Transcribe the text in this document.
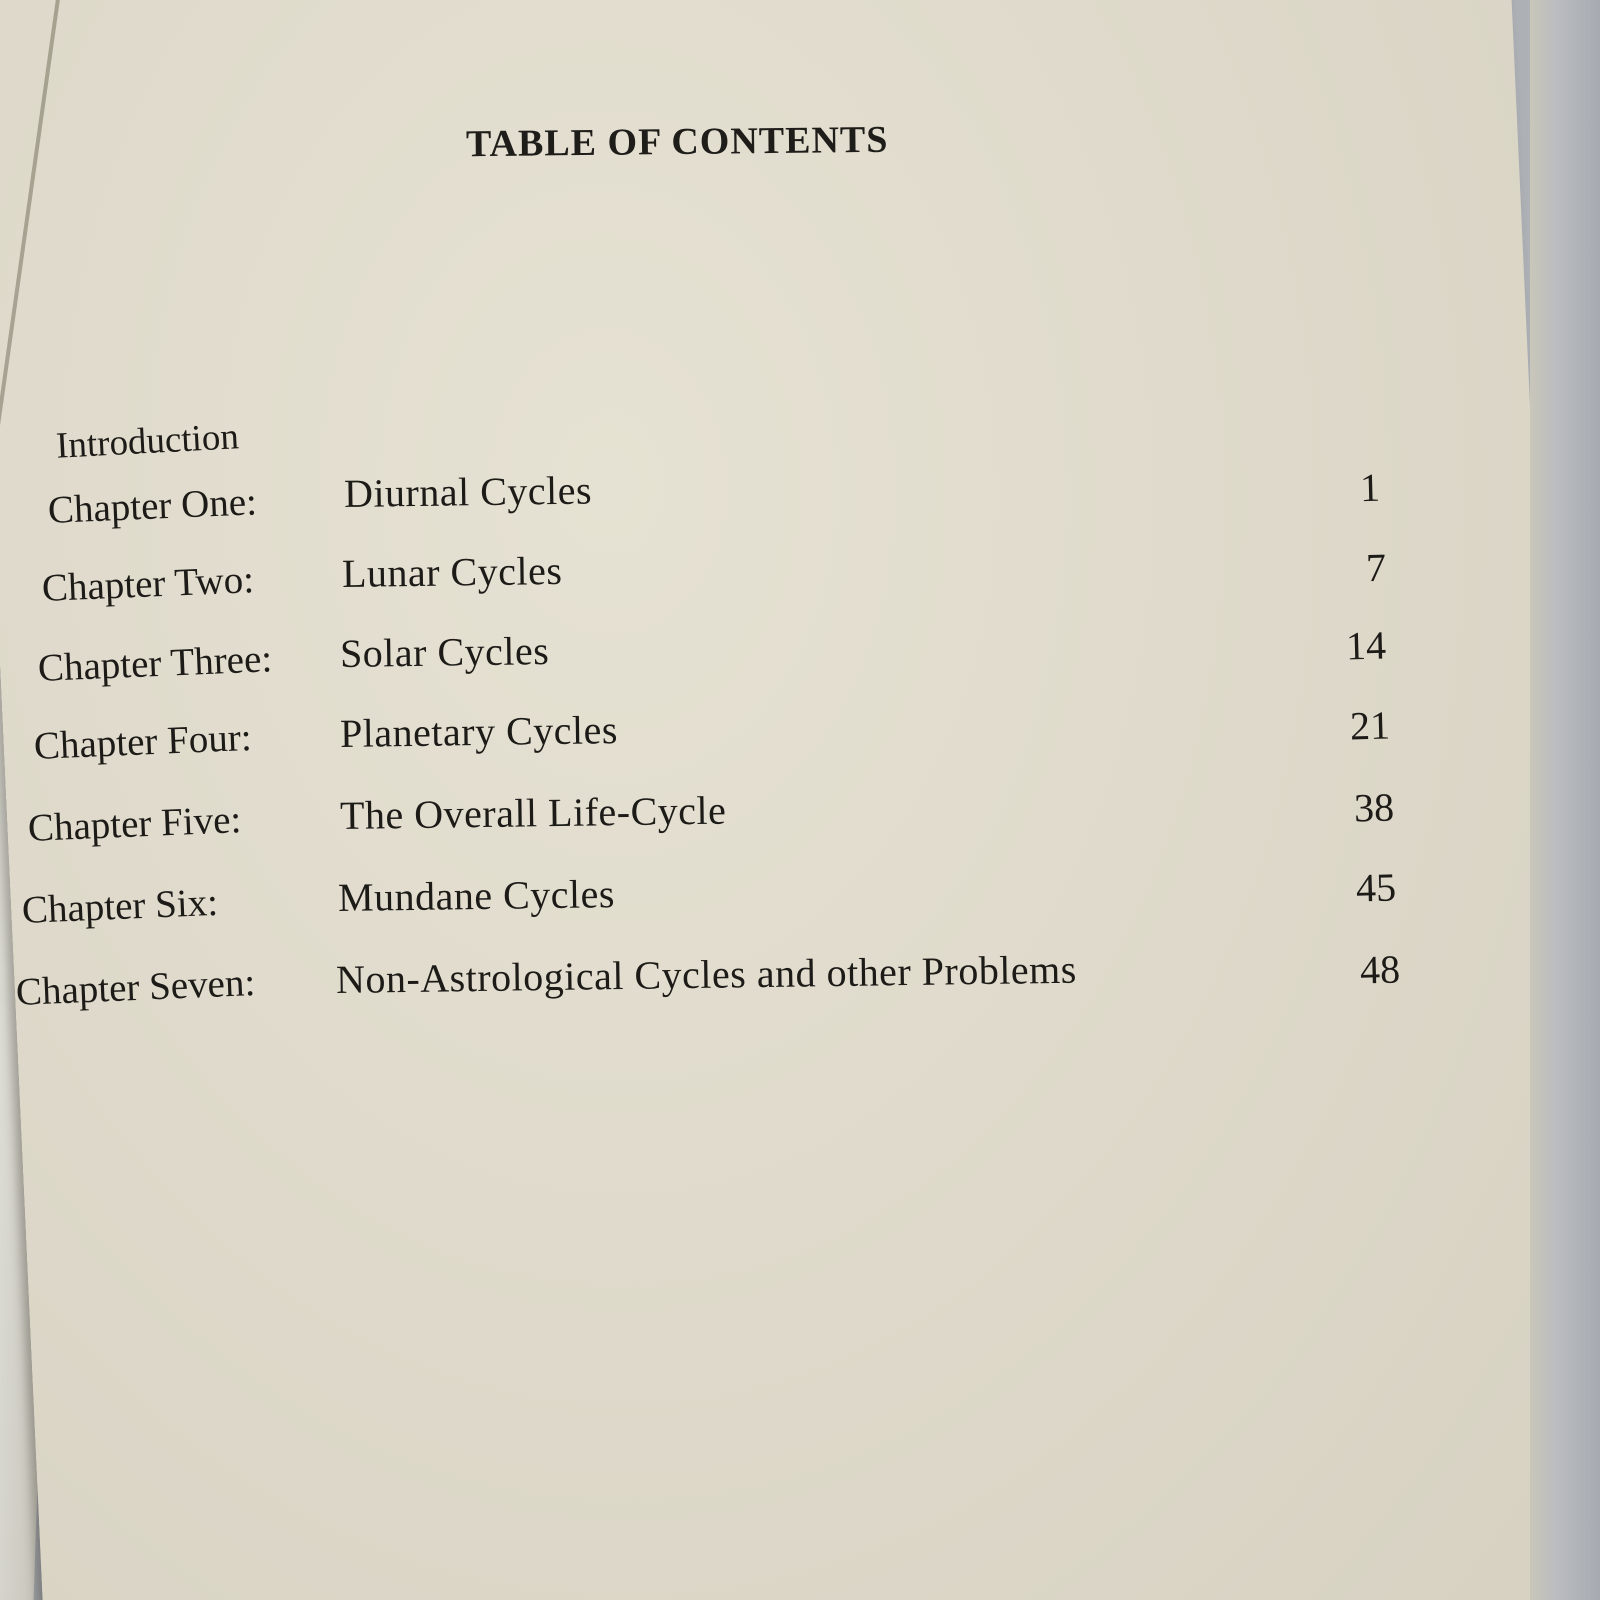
TABLE OF CONTENTS
Introduction
Chapter One: Diurnal Cycles	1
Chapter Two: Lunar Cycles	7
Chapter Three: Solar Cycles	14
Chapter Four: Planetary Cycles	21
Chapter Five: The Overall Life-Cycle	38
Chapter Six:	Mundane Cycles	45
Chapter Seven: Non-Astrological Cycles and other Problems	48
